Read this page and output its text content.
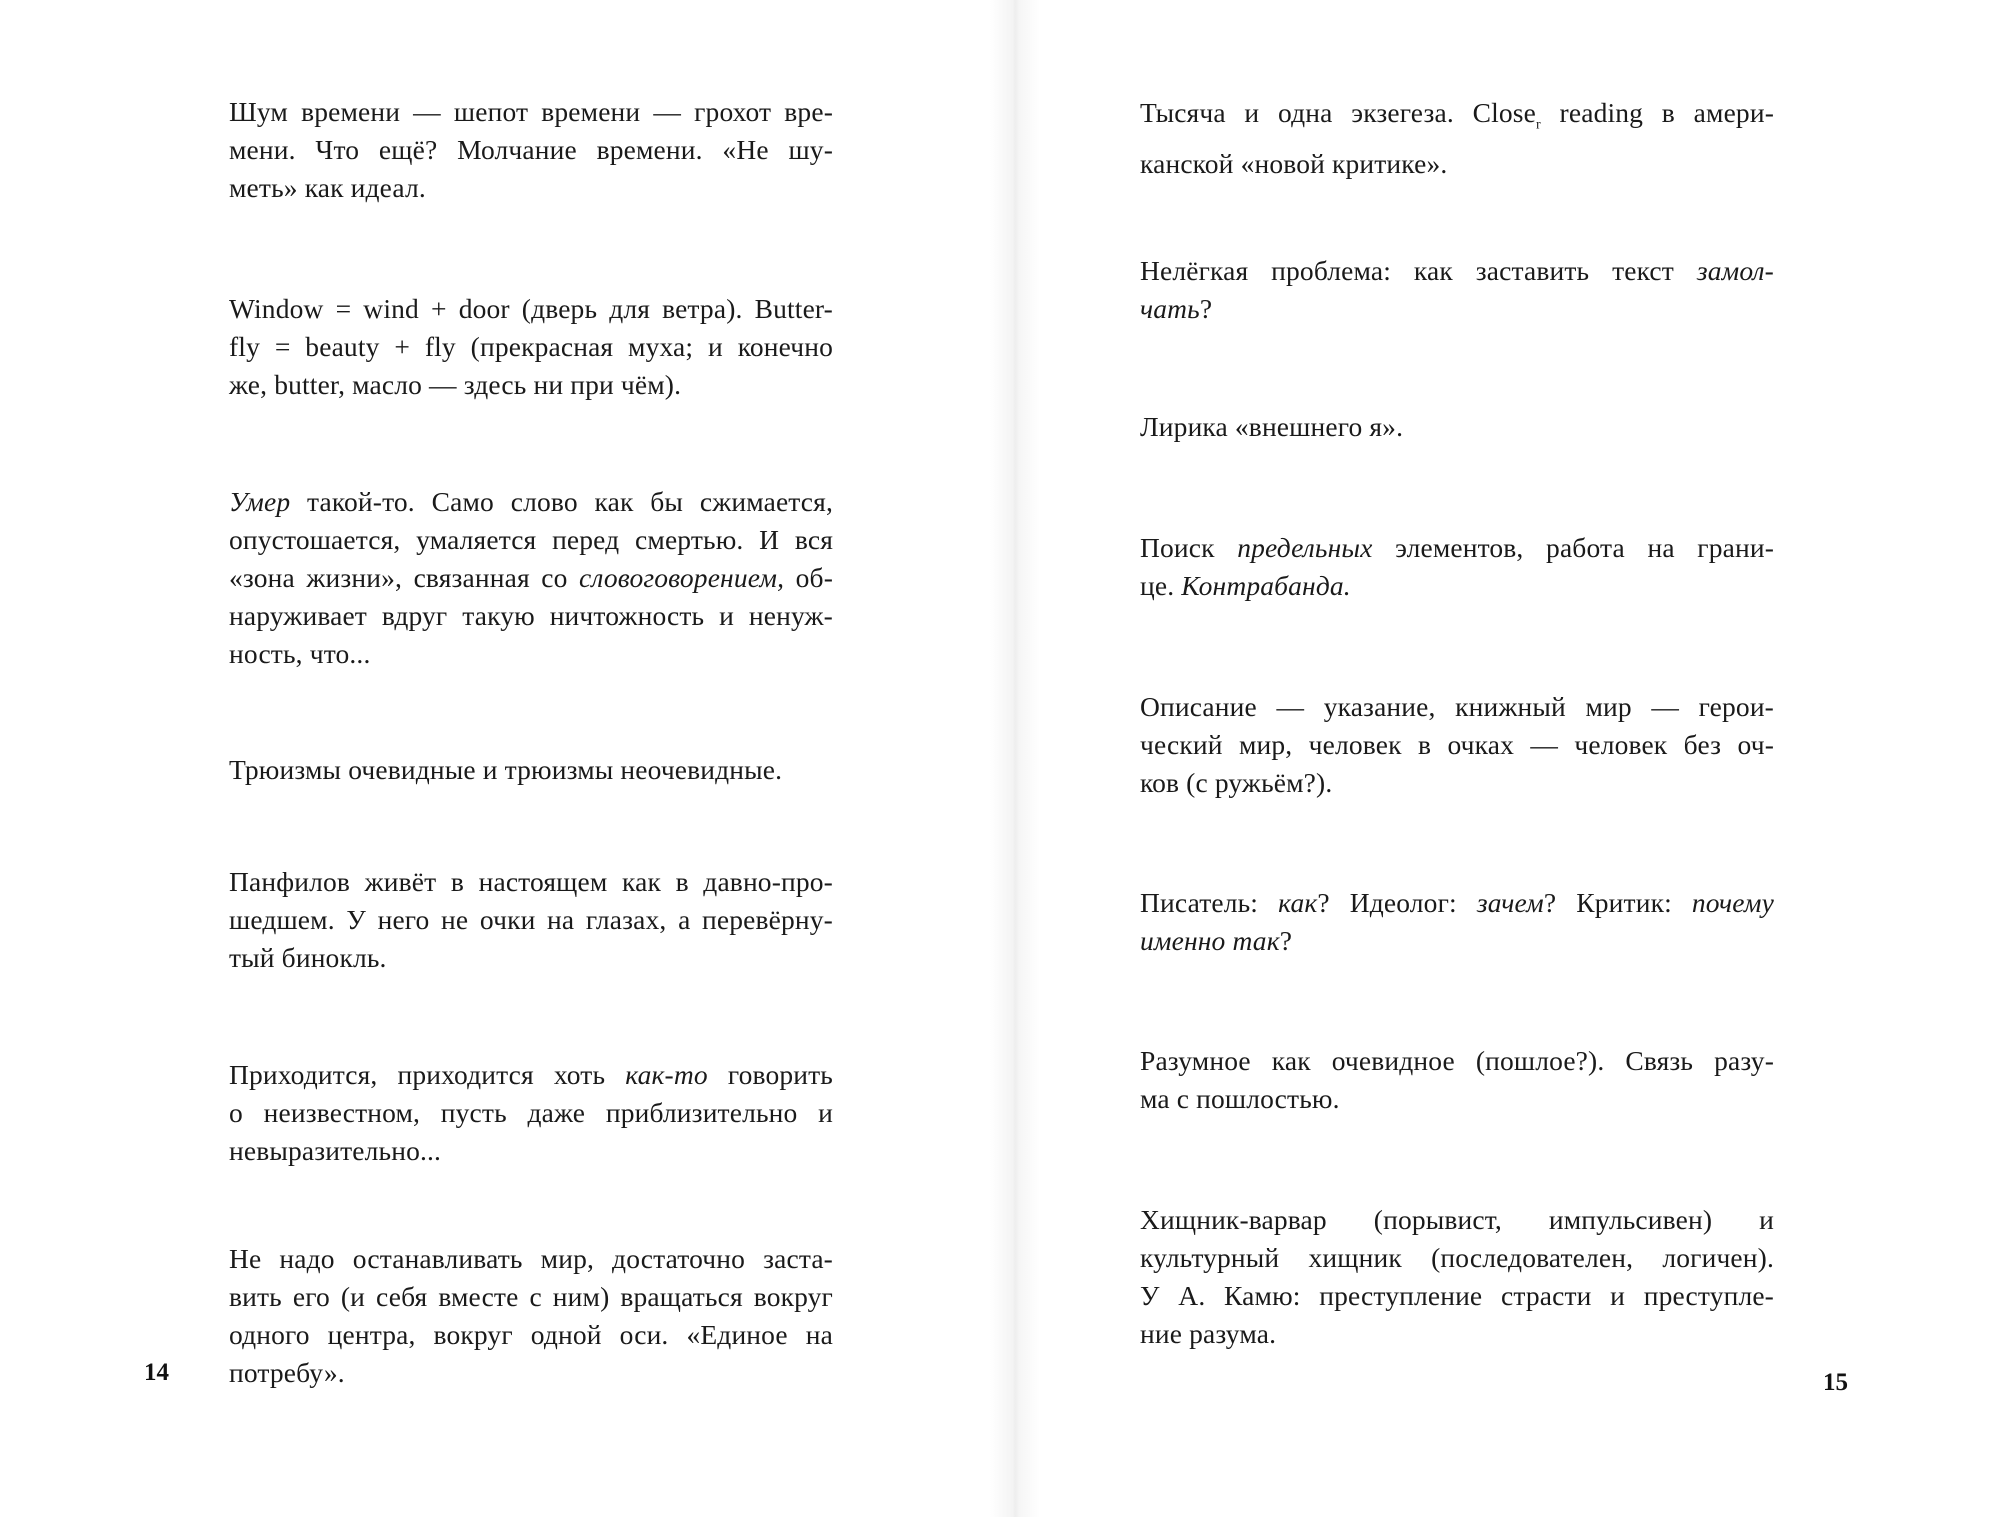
Шум времени — шепот времени — грохот вре-
мени. Что ещё? Молчание времени. «Не шу-
меть» как идеал.

Window = wind + door (дверь для ветра). Butter-
fly = beauty + fly (прекрасная муха; и конечно
же, butter, масло — здесь ни при чём).

Умер такой-то. Само слово как бы сжимается,
опустошается, умаляется перед смертью. И вся
«зона жизни», связанная со словоговорением, об-
наруживает вдруг такую ничтожность и ненуж-
ность, что...

Трюизмы очевидные и трюизмы неочевидные.

Панфилов живёт в настоящем как в давно-про-
шедшем. У него не очки на глазах, а перевёрну-
тый бинокль.

Приходится, приходится хоть как-то говорить
о неизвестном, пусть даже приблизительно и
невыразительно...

Не надо останавливать мир, достаточно заста-
вить его (и себя вместе с ним) вращаться вокруг
одного центра, вокруг одной оси. «Единое на
потребу».

14

Тысяча и одна экзегеза. Close$_r$ reading в амери-
канской «новой критике».

Нелёгкая проблема: как заставить текст замол-
чать?

Лирика «внешнего я».

Поиск предельных элементов, работа на грани-
це. Контрабанда.

Описание — указание, книжный мир — герои-
ческий мир, человек в очках — человек без оч-
ков (с ружьём?).

Писатель: как? Идеолог: зачем? Критик: почему
именно так?

Разумное как очевидное (пошлое?). Связь разу-
ма с пошлостью.

Хищник-варвар (порывист, импульсивен) и
культурный хищник (последователен, логичен).
У А. Камю: преступление страсти и преступле-
ние разума.

15
